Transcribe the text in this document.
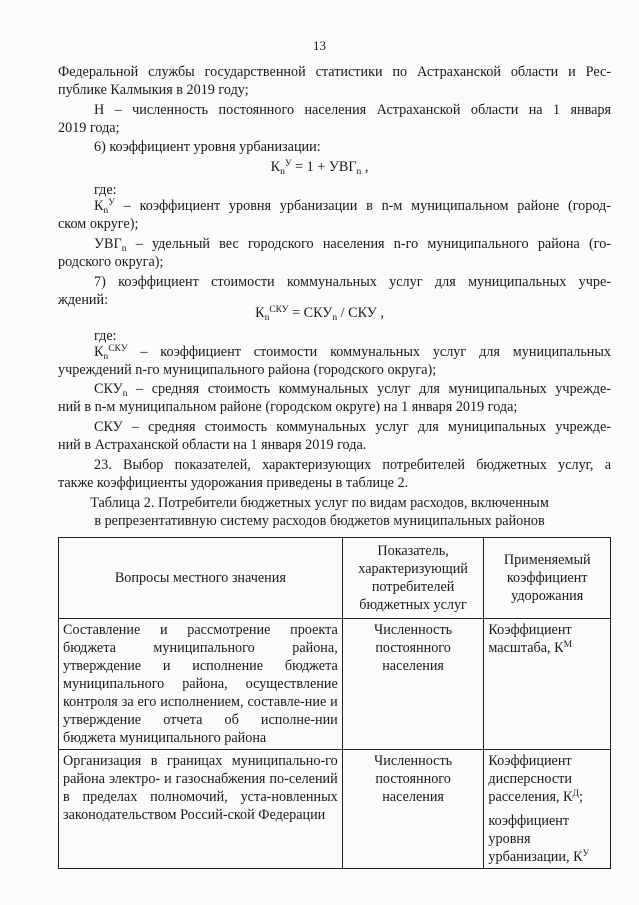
13
Федеральной службы государственной статистики по Астраханской области и Рес-
публике Калмыкия в 2019 году;
Н – численность постоянного населения Астраханской области на 1 января
2019 года;
6) коэффициент уровня урбанизации:
$К_n^У = 1 + УВГ_n$ ,
где:
$К_n^У$ – коэффициент уровня урбанизации в n-м муниципальном районе (город-
ском округе);
$УВГ_n$ – удельный вес городского населения n-го муниципального района (го-
родского округа);
7) коэффициент стоимости коммунальных услуг для муниципальных учре-
ждений:
$К_n^{СКУ} = СКУ_n$ / СКУ ,
где:
$К_n^{СКУ}$ – коэффициент стоимости коммунальных услуг для муниципальных
учреждений n-го муниципального района (городского округа);
$СКУ_n$ – средняя стоимость коммунальных услуг для муниципальных учрежде-
ний в n-м муниципальном районе (городском округе) на 1 января 2019 года;
СКУ – средняя стоимость коммунальных услуг для муниципальных учрежде-
ний в Астраханской области на 1 января 2019 года.
23. Выбор показателей, характеризующих потребителей бюджетных услуг, а
также коэффициенты удорожания приведены в таблице 2.
Таблица 2. Потребители бюджетных услуг по видам расходов, включенным
в репрезентативную систему расходов бюджетов муниципальных районов
Вопросы местного значения	Показатель, характеризующий потребителей бюджетных услуг	Применяемый коэффициент удорожания
Составление и рассмотрение проекта бюджета муниципального района, утверждение и исполнение бюджета муниципального района, осуществление контроля за его исполнением, составле-ние и утверждение отчета об исполне-нии бюджета муниципального района	Численность постоянного населения	Коэффициент масштаба, $К^М$
Организация в границах муниципально-го района электро- и газоснабжения по-селений в пределах полномочий, уста-новленных законодательством Россий-ской Федерации	Численность постоянного населения	Коэффициент дисперсности расселения, $К^Д$;
коэффициент уровня урбанизации, $К^У$
